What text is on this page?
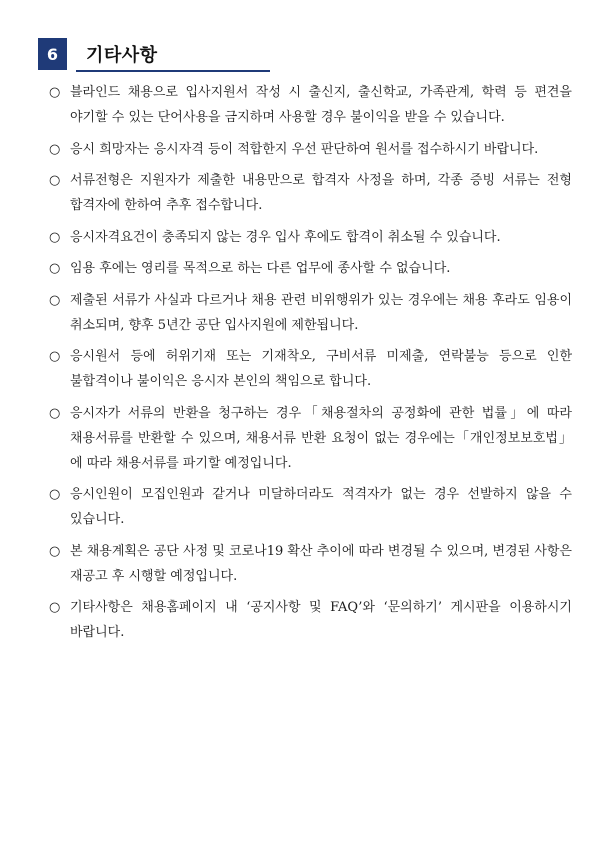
6	기타사항
○ 블라인드 채용으로 입사지원서 작성 시 출신지, 출신학교, 가족관계, 학력 등 편견을 야기할 수 있는 단어사용을 금지하며 사용할 경우 불이익을 받을 수 있습니다.
○ 응시 희망자는 응시자격 등이 적합한지 우선 판단하여 원서를 접수하시기 바랍니다.
○ 서류전형은 지원자가 제출한 내용만으로 합격자 사정을 하며, 각종 증빙 서류는 전형 합격자에 한하여 추후 접수합니다.
○ 응시자격요건이 충족되지 않는 경우 입사 후에도 합격이 취소될 수 있습니다.
○ 임용 후에는 영리를 목적으로 하는 다른 업무에 종사할 수 없습니다.
○ 제출된 서류가 사실과 다르거나 채용 관련 비위행위가 있는 경우에는 채용 후라도 임용이 취소되며, 향후 5년간 공단 입사지원에 제한됩니다.
○ 응시원서 등에 허위기재 또는 기재착오, 구비서류 미제출, 연락불능 등으로 인한 불합격이나 불이익은 응시자 본인의 책임으로 합니다.
○ 응시자가 서류의 반환을 청구하는 경우「채용절차의 공정화에 관한 법률」에 따라 채용서류를 반환할 수 있으며, 채용서류 반환 요청이 없는 경우에는「개인정보보호법」에 따라 채용서류를 파기할 예정입니다.
○ 응시인원이 모집인원과 같거나 미달하더라도 적격자가 없는 경우 선발하지 않을 수 있습니다.
○ 본 채용계획은 공단 사정 및 코로나19 확산 추이에 따라 변경될 수 있으며, 변경된 사항은 재공고 후 시행할 예정입니다.
○ 기타사항은 채용홈페이지 내 ‘공지사항 및 FAQ’와 ‘문의하기’ 게시판을 이용하시기 바랍니다.
